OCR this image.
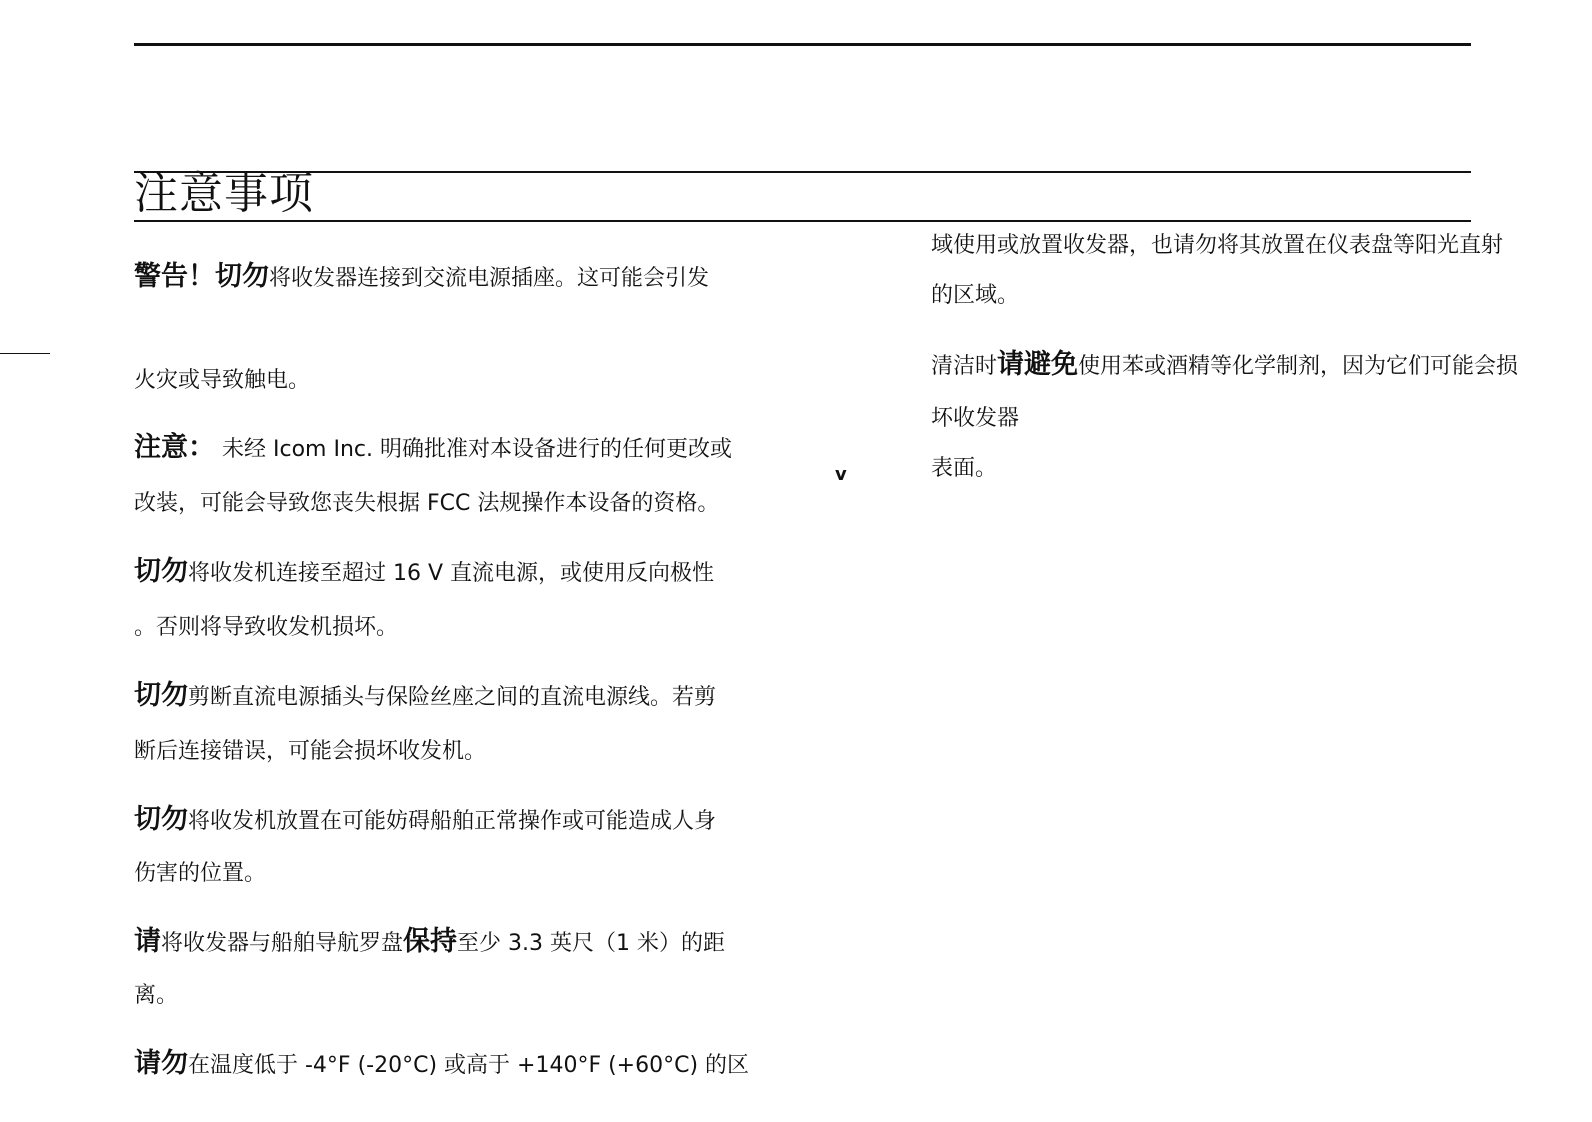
注意事项
警告！切勿将收发器连接到交流电源插座。这可能会引发
火灾或导致触电。
注意： 未经 Icom Inc. 明确批准对本设备进行的任何更改或
改装，可能会导致您丧失根据 FCC 法规操作本设备的资格。
切勿将收发机连接至超过 16 V 直流电源，或使用反向极性
。否则将导致收发机损坏。
切勿剪断直流电源插头与保险丝座之间的直流电源线。若剪
断后连接错误，可能会损坏收发机。
切勿将收发机放置在可能妨碍船舶正常操作或可能造成人身
伤害的位置。
请将收发器与船舶导航罗盘保持至少 3.3 英尺（1 米）的距
离。
请勿在温度低于 -4°F (-20°C) 或高于 +140°F (+60°C) 的区
v
域使用或放置收发器，也请勿将其放置在仪表盘等阳光直射
的区域。
清洁时请避免使用苯或酒精等化学制剂，因为它们可能会损
坏收发器
表面。
